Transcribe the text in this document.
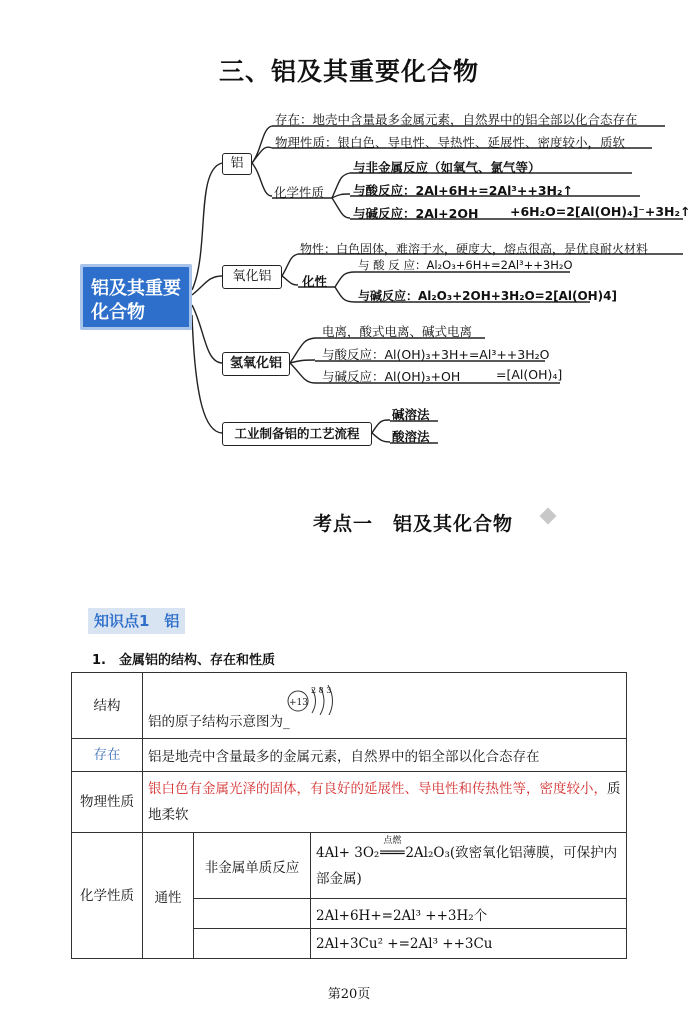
三、铝及其重要化合物
铝及其重要化合物
铝
存在：地壳中含量最多金属元素，自然界中的铝全部以化合态存在
物理性质：银白色、导电性、导热性、延展性、密度较小，质软
化学性质
与非金属反应（如氧气、氯气等）
与酸反应：2Al+6H+=2Al³++3H₂↑
与碱反应：2Al+2OH	+6H₂O=2[Al(OH)₄]⁻+3H₂↑
氧化铝
物性：白色固体，难溶于水，硬度大，熔点很高，是优良耐火材料
化性
与 酸 反 应：Al₂O₃+6H+=2Al³++3H₂O
与碱反应：Al₂O₃+2OH+3H₂O=2[Al(OH)4]
氢氧化铝
电离，酸式电离、碱式电离
与酸反应：Al(OH)₃+3H+=Al³++3H₂O
与碱反应：Al(OH)₃+OH	=[Al(OH)₄]
工业制备铝的工艺流程
碱溶法
酸溶法
考点一　铝及其化合物
知识点1　铝
1.　金属铝的结构、存在和性质
结构	铝的原子结构示意图为_
+13
2 8 3		

存在	铝是地壳中含量最多的金属元素，自然界中的铝全部以化合态存在		
物理性质	银白色有金属光泽的固体，有良好的延展性、导电性和传热性等，密度较小，质地柔软		
化学性质	通性	非金属单质反应	4Al+ 3O₂
点燃
═══2Al₂O₃(致密氧化铝薄膜，可保护内部金属)
			2Al+6H+=2Al³ ++3H₂个
			2Al+3Cu² +=2Al³ ++3Cu
第20页
